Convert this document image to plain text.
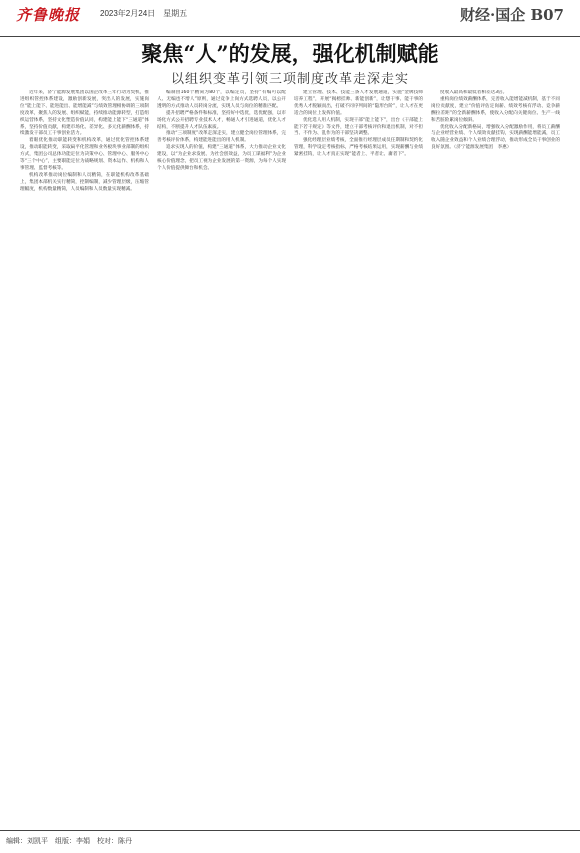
齐鲁晚报 2023年2月24日　星期五	财经·国企 B07
聚焦“人”的发展，强化机制赋能
以组织变革引领三项制度改革走深走实

近年来，济宁能源发展集团以国企改革三年行动为契机，推进组织管控体系建设，激励创新发展，突出人的发展，实施岗位“能上能下、能进能出、能增能减”与绩效管理相协调的三项制度改革，聚焦人的发展、组织赋能，持续推动能源转型，打造组织运营体系，坚持文化塑造价值认同，构建能上能下“三通道”体系，坚持价值贡献，构建市场化、差异化、多元化薪酬体系，持续激发干部员工干事创业活力。

着眼优化推动职能转变和机构改革，通过优化管控体系建设，推动职能转变，采取扁平化管理和业务板块事业部制的组织方式，集团公司总体功能定位为决策中心、管理中心、服务中心等“三个中心”，主要职能定位为战略规划、资本运作、机构和人事管理、监督考核等。

机构改革推动岗位编制和人员精简，在职能机构改革基础上，集团本部机关实行精简，控制编制，减少管理层级，压缩管理幅度，机构数量精简，人员编制和人员数量实现精减。

编制由160个精简为80个，以编定员，坚持“有编可以配人、无编也不增人”原则，通过竞争上岗方式选聘人员，以公开透明的方式推动人员转岗分流，实现人员与岗位的精准匹配。

提升招聘严格条件和标准，坚持好中选优，选优配强，以市场化方式公开招聘专业技术人才，畅通人才引进通道，优化人才结构，不断提升人才队伍素质。

推动“三项制度”改革走深走实，建立健全岗位管理体系，完善考核评价体系，构建能进能出的用人机制。

追求实现人的价值，构建“三通道”体系，大力推动企业文化建设，以“为企业求发展、为社会创效益，为员工谋福利”为企业核心价值理念，把员工视为企业发展的第一资源，为每个人实现个人价值提供舞台和机会。

建立管理、技术、技能三条人才发展通道，实施“金牌技师培养工程”，开展“揭榜挂帅、新能创新”，让想干事、能干事的优秀人才脱颖而出，打破不同序列间的“隐形台阶”，让人才在更适合的岗位上发挥价值。

优化选人用人机制，实现干部“能上能下”，出台《干部能上能下若干规定》等文件，建立干部考核评价和退出机制，对不担当、不作为、乱作为的干部坚决调整。

强化经理层业绩考核，全面推行经理层成员任期制和契约化管理，科学设定考核指标，严格考核结果运用，实现薪酬与业绩紧密挂钩，让人才真正实现“能者上、平者让、庸者下”。

度收入最高和最低者相差达3倍。

重构岗位绩效薪酬体系，完善收入能增能减机制，基于不同岗位贡献度，建立“价值评估定岗薪、绩效考核有浮动、竞争薪酬拉差距”的全新薪酬体系，使收入分配向关键岗位、生产一线和苦脏险累岗位倾斜。

优化收入分配新格局，增强收入分配激励作用，将员工薪酬与企业经营业绩、个人绩效贡献挂钩，实现薪酬能增能减，员工收入随企业效益和个人业绩合理浮动，推动形成全员干事创业的良好氛围。（济宁能源发展集团　李惠）

编辑：刘凯平　组版：李娟　校对：陈丹
